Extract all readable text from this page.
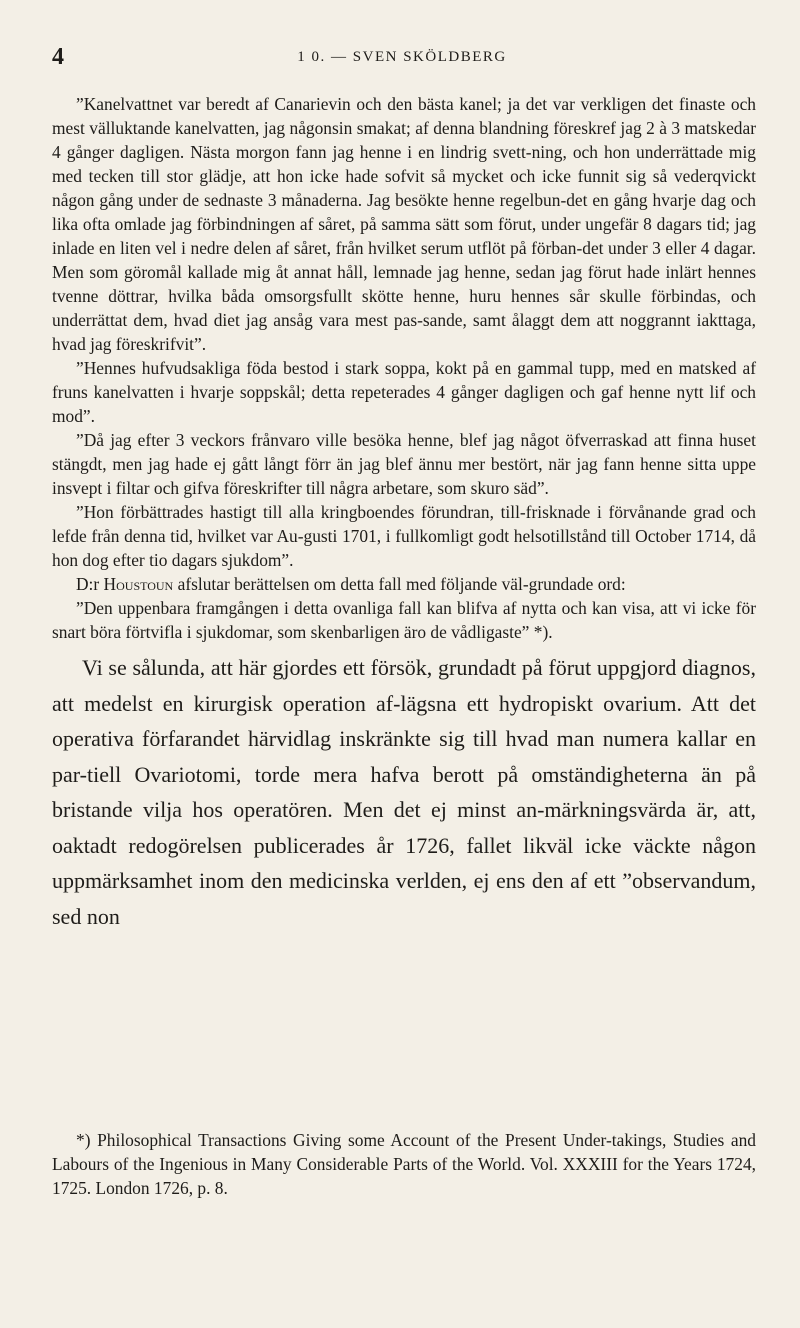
4	1 0. — SVEN SKÖLDBERG

”Kanelvattnet var beredt af Canarievin och den bästa kanel; ja det var verkligen det finaste och mest välluktande kanelvatten, jag någonsin smakat; af denna blandning föreskref jag 2 à 3 matskedar 4 gånger dagligen. Nästa morgon fann jag henne i en lindrig svett-ning, och hon underrättade mig med tecken till stor glädje, att hon icke hade sofvit så mycket och icke funnit sig så vederqvickt någon gång under de sednaste 3 månaderna. Jag besökte henne regelbun-det en gång hvarje dag och lika ofta omlade jag förbindningen af såret, på samma sätt som förut, under ungefär 8 dagars tid; jag inlade en liten vel i nedre delen af såret, från hvilket serum utflöt på förban-det under 3 eller 4 dagar. Men som göromål kallade mig åt annat håll, lemnade jag henne, sedan jag förut hade inlärt hennes tvenne döttrar, hvilka båda omsorgsfullt skötte henne, huru hennes sår skulle förbindas, och underrättat dem, hvad diet jag ansåg vara mest pas-sande, samt ålaggt dem att noggrannt iakttaga, hvad jag föreskrifvit”.

”Hennes hufvudsakliga föda bestod i stark soppa, kokt på en gammal tupp, med en matsked af fruns kanelvatten i hvarje soppskål; detta repeterades 4 gånger dagligen och gaf henne nytt lif och mod”.

”Då jag efter 3 veckors frånvaro ville besöka henne, blef jag något öfverraskad att finna huset stängdt, men jag hade ej gått långt förr än jag blef ännu mer bestört, när jag fann henne sitta uppe insvept i filtar och gifva föreskrifter till några arbetare, som skuro säd”.

”Hon förbättrades hastigt till alla kringboendes förundran, till-frisknade i förvånande grad och lefde från denna tid, hvilket var Au-gusti 1701, i fullkomligt godt helsotillstånd till October 1714, då hon dog efter tio dagars sjukdom”.

D:r Houstoun afslutar berättelsen om detta fall med följande väl-grundade ord:

”Den uppenbara framgången i detta ovanliga fall kan blifva af nytta och kan visa, att vi icke för snart böra förtvifla i sjukdomar, som skenbarligen äro de vådligaste” *).

Vi se sålunda, att här gjordes ett försök, grundadt på förut uppgjord diagnos, att medelst en kirurgisk operation af-lägsna ett hydropiskt ovarium. Att det operativa förfarandet härvidlag inskränkte sig till hvad man numera kallar en par-tiell Ovariotomi, torde mera hafva berott på omständigheterna än på bristande vilja hos operatören. Men det ej minst an-märkningsvärda är, att, oaktadt redogörelsen publicerades år 1726, fallet likväl icke väckte någon uppmärksamhet inom den medicinska verlden, ej ens den af ett ”observandum, sed non

*) Philosophical Transactions Giving some Account of the Present Under-takings, Studies and Labours of the Ingenious in Many Considerable Parts of the World. Vol. XXXIII for the Years 1724, 1725. London 1726, p. 8.
